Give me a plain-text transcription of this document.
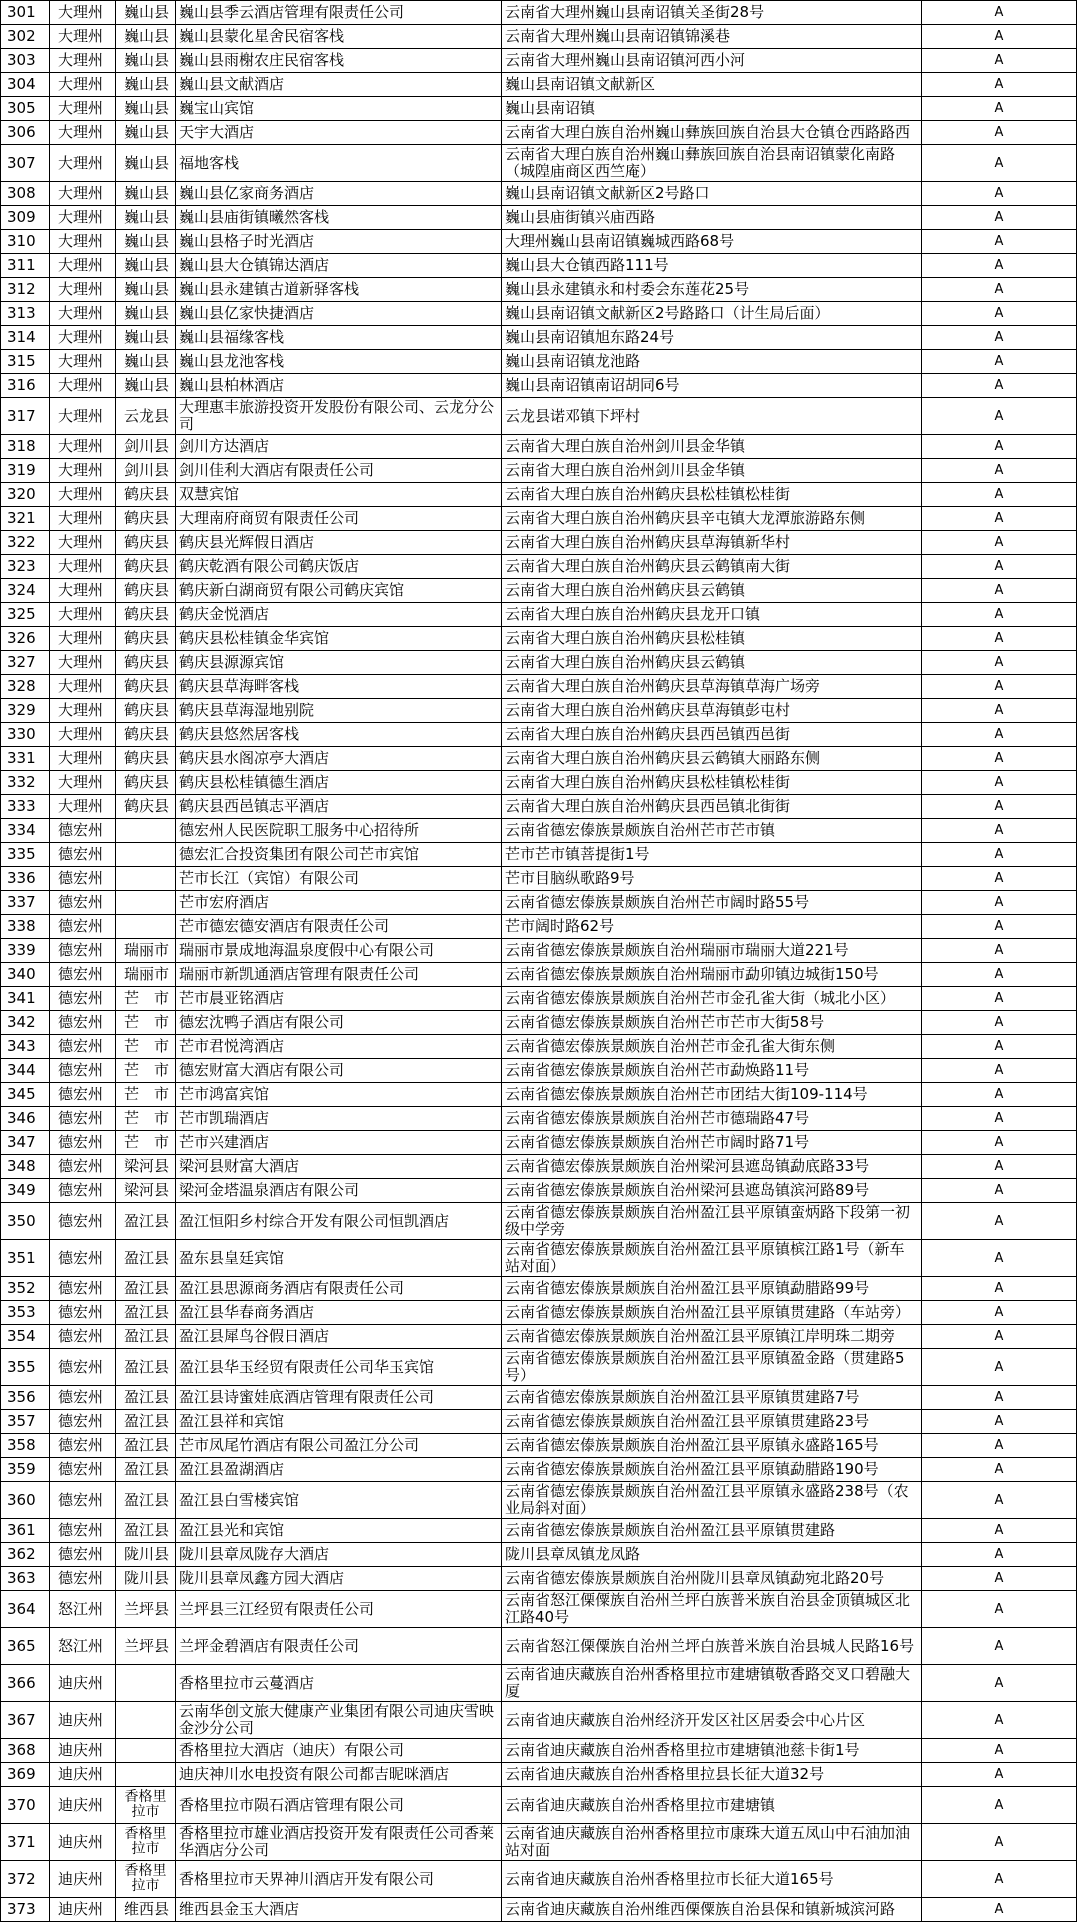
301	大理州	巍山县	巍山县季云酒店管理有限责任公司	云南省大理州巍山县南诏镇关圣街28号	A
302	大理州	巍山县	巍山县蒙化星舍民宿客栈	云南省大理州巍山县南诏镇锦溪巷	A
303	大理州	巍山县	巍山县雨榭农庄民宿客栈	云南省大理州巍山县南诏镇河西小河	A
304	大理州	巍山县	巍山县文献酒店	巍山县南诏镇文献新区	A
305	大理州	巍山县	巍宝山宾馆	巍山县南诏镇	A
306	大理州	巍山县	天宇大酒店	云南省大理白族自治州巍山彝族回族自治县大仓镇仓西路路西	A
307	大理州	巍山县	福地客栈	云南省大理白族自治州巍山彝族回族自治县南诏镇蒙化南路（城隍庙商区西竺庵）	A
308	大理州	巍山县	巍山县亿家商务酒店	巍山县南诏镇文献新区2号路口	A
309	大理州	巍山县	巍山县庙街镇曦然客栈	巍山县庙街镇兴庙西路	A
310	大理州	巍山县	巍山县格子时光酒店	大理州巍山县南诏镇巍城西路68号	A
311	大理州	巍山县	巍山县大仓镇锦达酒店	巍山县大仓镇西路111号	A
312	大理州	巍山县	巍山县永建镇古道新驿客栈	巍山县永建镇永和村委会东莲花25号	A
313	大理州	巍山县	巍山县亿家快捷酒店	巍山县南诏镇文献新区2号路路口（计生局后面）	A
314	大理州	巍山县	巍山县福缘客栈	巍山县南诏镇旭东路24号	A
315	大理州	巍山县	巍山县龙池客栈	巍山县南诏镇龙池路	A
316	大理州	巍山县	巍山县柏林酒店	巍山县南诏镇南诏胡同6号	A
317	大理州	云龙县	大理惠丰旅游投资开发股份有限公司、云龙分公司	云龙县诺邓镇下坪村	A
318	大理州	剑川县	剑川方达酒店	云南省大理白族自治州剑川县金华镇	A
319	大理州	剑川县	剑川佳利大酒店有限责任公司	云南省大理白族自治州剑川县金华镇	A
320	大理州	鹤庆县	双慧宾馆	云南省大理白族自治州鹤庆县松桂镇松桂街	A
321	大理州	鹤庆县	大理南府商贸有限责任公司	云南省大理白族自治州鹤庆县辛屯镇大龙潭旅游路东侧	A
322	大理州	鹤庆县	鹤庆县光辉假日酒店	云南省大理白族自治州鹤庆县草海镇新华村	A
323	大理州	鹤庆县	鹤庆乾酒有限公司鹤庆饭店	云南省大理白族自治州鹤庆县云鹤镇南大街	A
324	大理州	鹤庆县	鹤庆新白湖商贸有限公司鹤庆宾馆	云南省大理白族自治州鹤庆县云鹤镇	A
325	大理州	鹤庆县	鹤庆金悦酒店	云南省大理白族自治州鹤庆县龙开口镇	A
326	大理州	鹤庆县	鹤庆县松桂镇金华宾馆	云南省大理白族自治州鹤庆县松桂镇	A
327	大理州	鹤庆县	鹤庆县源源宾馆	云南省大理白族自治州鹤庆县云鹤镇	A
328	大理州	鹤庆县	鹤庆县草海畔客栈	云南省大理白族自治州鹤庆县草海镇草海广场旁	A
329	大理州	鹤庆县	鹤庆县草海湿地别院	云南省大理白族自治州鹤庆县草海镇彭屯村	A
330	大理州	鹤庆县	鹤庆县悠然居客栈	云南省大理白族自治州鹤庆县西邑镇西邑街	A
331	大理州	鹤庆县	鹤庆县水阁凉亭大酒店	云南省大理白族自治州鹤庆县云鹤镇大丽路东侧	A
332	大理州	鹤庆县	鹤庆县松桂镇德生酒店	云南省大理白族自治州鹤庆县松桂镇松桂街	A
333	大理州	鹤庆县	鹤庆县西邑镇志平酒店	云南省大理白族自治州鹤庆县西邑镇北街街	A
334	德宏州		德宏州人民医院职工服务中心招待所	云南省德宏傣族景颇族自治州芒市芒市镇	A
335	德宏州		德宏汇合投资集团有限公司芒市宾馆	芒市芒市镇菩提街1号	A
336	德宏州		芒市长江（宾馆）有限公司	芒市目脑纵歌路9号	A
337	德宏州		芒市宏府酒店	云南省德宏傣族景颇族自治州芒市阔时路55号	A
338	德宏州		芒市德宏德安酒店有限责任公司	芒市阔时路62号	A
339	德宏州	瑞丽市	瑞丽市景成地海温泉度假中心有限公司	云南省德宏傣族景颇族自治州瑞丽市瑞丽大道221号	A
340	德宏州	瑞丽市	瑞丽市新凯通酒店管理有限责任公司	云南省德宏傣族景颇族自治州瑞丽市勐卯镇边城街150号	A
341	德宏州	芒　市	芒市晨亚铭酒店	云南省德宏傣族景颇族自治州芒市金孔雀大街（城北小区）	A
342	德宏州	芒　市	德宏沈鸭子酒店有限公司	云南省德宏傣族景颇族自治州芒市芒市大街58号	A
343	德宏州	芒　市	芒市君悦湾酒店	云南省德宏傣族景颇族自治州芒市金孔雀大街东侧	A
344	德宏州	芒　市	德宏财富大酒店有限公司	云南省德宏傣族景颇族自治州芒市勐焕路11号	A
345	德宏州	芒　市	芒市鸿富宾馆	云南省德宏傣族景颇族自治州芒市团结大街109-114号	A
346	德宏州	芒　市	芒市凯瑞酒店	云南省德宏傣族景颇族自治州芒市德瑞路47号	A
347	德宏州	芒　市	芒市兴建酒店	云南省德宏傣族景颇族自治州芒市阔时路71号	A
348	德宏州	梁河县	梁河县财富大酒店	云南省德宏傣族景颇族自治州梁河县遮岛镇勐底路33号	A
349	德宏州	梁河县	梁河金塔温泉酒店有限公司	云南省德宏傣族景颇族自治州梁河县遮岛镇滨河路89号	A
350	德宏州	盈江县	盈江恒阳乡村综合开发有限公司恒凯酒店	云南省德宏傣族景颇族自治州盈江县平原镇蛮炳路下段第一初级中学旁	A
351	德宏州	盈江县	盈东县皇廷宾馆	云南省德宏傣族景颇族自治州盈江县平原镇槟江路1号（新车站对面）	A
352	德宏州	盈江县	盈江县思源商务酒店有限责任公司	云南省德宏傣族景颇族自治州盈江县平原镇勐腊路99号	A
353	德宏州	盈江县	盈江县华春商务酒店	云南省德宏傣族景颇族自治州盈江县平原镇贯建路（车站旁）	A
354	德宏州	盈江县	盈江县犀鸟谷假日酒店	云南省德宏傣族景颇族自治州盈江县平原镇江岸明珠二期旁	A
355	德宏州	盈江县	盈江县华玉经贸有限责任公司华玉宾馆	云南省德宏傣族景颇族自治州盈江县平原镇盈金路（贯建路5号）	A
356	德宏州	盈江县	盈江县诗蜜娃底酒店管理有限责任公司	云南省德宏傣族景颇族自治州盈江县平原镇贯建路7号	A
357	德宏州	盈江县	盈江县祥和宾馆	云南省德宏傣族景颇族自治州盈江县平原镇贯建路23号	A
358	德宏州	盈江县	芒市凤尾竹酒店有限公司盈江分公司	云南省德宏傣族景颇族自治州盈江县平原镇永盛路165号	A
359	德宏州	盈江县	盈江县盈湖酒店	云南省德宏傣族景颇族自治州盈江县平原镇勐腊路190号	A
360	德宏州	盈江县	盈江县白雪楼宾馆	云南省德宏傣族景颇族自治州盈江县平原镇永盛路238号（农业局斜对面）	A
361	德宏州	盈江县	盈江县光和宾馆	云南省德宏傣族景颇族自治州盈江县平原镇贯建路	A
362	德宏州	陇川县	陇川县章凤陇存大酒店	陇川县章凤镇龙凤路	A
363	德宏州	陇川县	陇川县章凤鑫方园大酒店	云南省德宏傣族景颇族自治州陇川县章凤镇勐宛北路20号	A
364	怒江州	兰坪县	兰坪县三江经贸有限责任公司	云南省怒江傈僳族自治州兰坪白族普米族自治县金顶镇城区北江路40号	A
365	怒江州	兰坪县	兰坪金碧酒店有限责任公司	云南省怒江傈僳族自治州兰坪白族普米族自治县城人民路16号	A
366	迪庆州		香格里拉市云蔓酒店	云南省迪庆藏族自治州香格里拉市建塘镇敬香路交叉口碧融大厦	A
367	迪庆州		云南华创文旅大健康产业集团有限公司迪庆雪映金沙分公司	云南省迪庆藏族自治州经济开发区社区居委会中心片区	A
368	迪庆州		香格里拉大酒店（迪庆）有限公司	云南省迪庆藏族自治州香格里拉市建塘镇池慈卡街1号	A
369	迪庆州		迪庆神川水电投资有限公司都吉昵咪酒店	云南省迪庆藏族自治州香格里拉县长征大道32号	A
370	迪庆州	香格里拉市	香格里拉市陨石酒店管理有限公司	云南省迪庆藏族自治州香格里拉市建塘镇	A
371	迪庆州	香格里拉市	香格里拉市雄业酒店投资开发有限责任公司香莱华酒店分公司	云南省迪庆藏族自治州香格里拉市康珠大道五凤山中石油加油站对面	A
372	迪庆州	香格里拉市	香格里拉市天界神川酒店开发有限公司	云南省迪庆藏族自治州香格里拉市长征大道165号	A
373	迪庆州	维西县	维西县金玉大酒店	云南省迪庆藏族自治州维西傈僳族自治县保和镇新城滨河路	A
